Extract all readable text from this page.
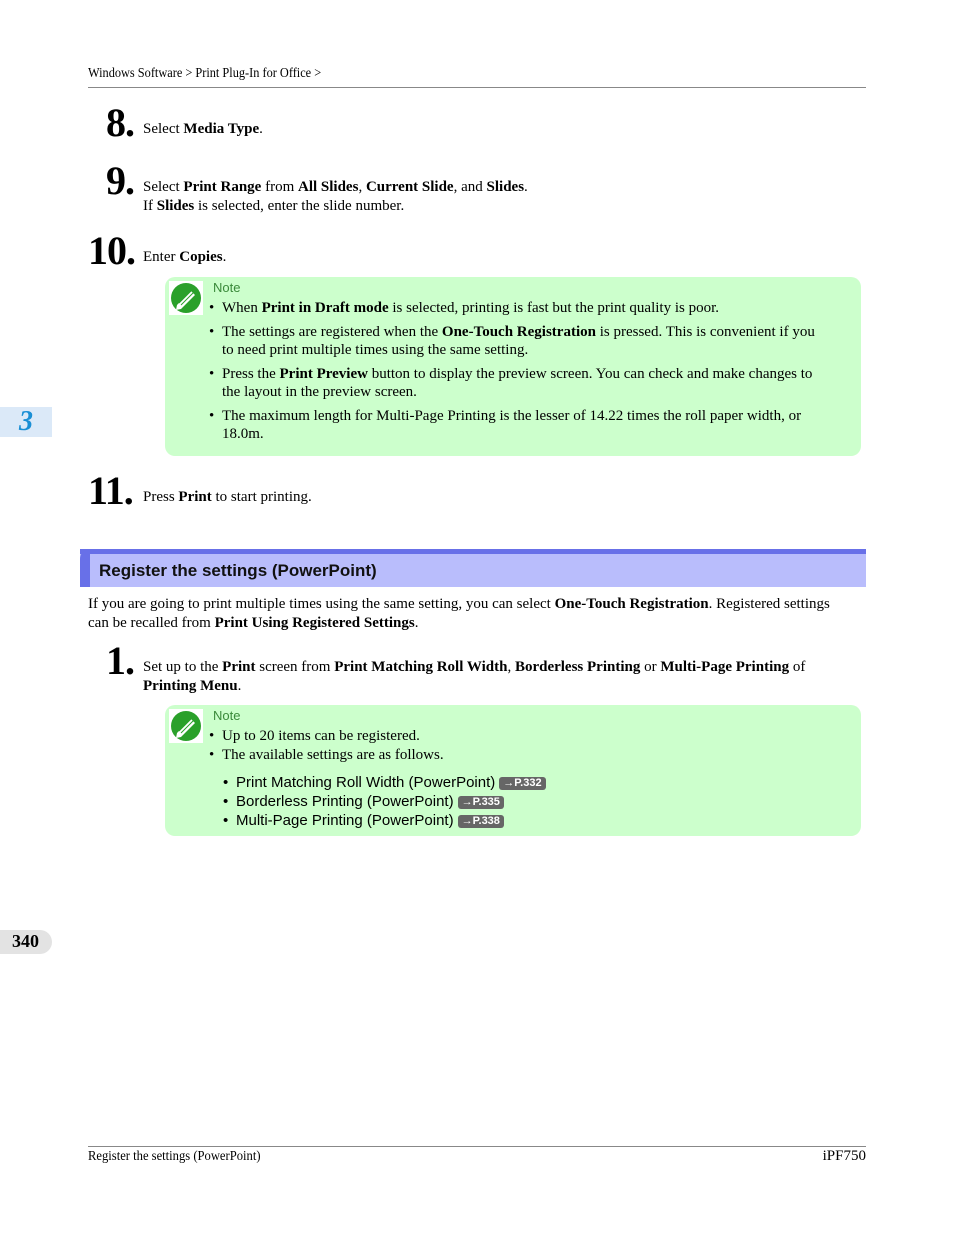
Windows Software > Print Plug-In for Office >
8. Select Media Type.
9. Select Print Range from All Slides, Current Slide, and Slides.
If Slides is selected, enter the slide number.
10. Enter Copies.
Note
• When Print in Draft mode is selected, printing is fast but the print quality is poor.
• The settings are registered when the One-Touch Registration is pressed. This is convenient if you
to need print multiple times using the same setting.
• Press the Print Preview button to display the preview screen. You can check and make changes to
the layout in the preview screen.
• The maximum length for Multi-Page Printing is the lesser of 14.22 times the roll paper width, or
18.0m.
11. Press Print to start printing.
Register the settings (PowerPoint)
If you are going to print multiple times using the same setting, you can select One-Touch Registration. Registered settings
can be recalled from Print Using Registered Settings.
1. Set up to the Print screen from Print Matching Roll Width, Borderless Printing or Multi-Page Printing of
Printing Menu.
Note
• Up to 20 items can be registered.
• The available settings are as follows.
• Print Matching Roll Width (PowerPoint) →P.332
• Borderless Printing (PowerPoint) →P.335
• Multi-Page Printing (PowerPoint) →P.338
3
340
Register the settings (PowerPoint)	iPF750
